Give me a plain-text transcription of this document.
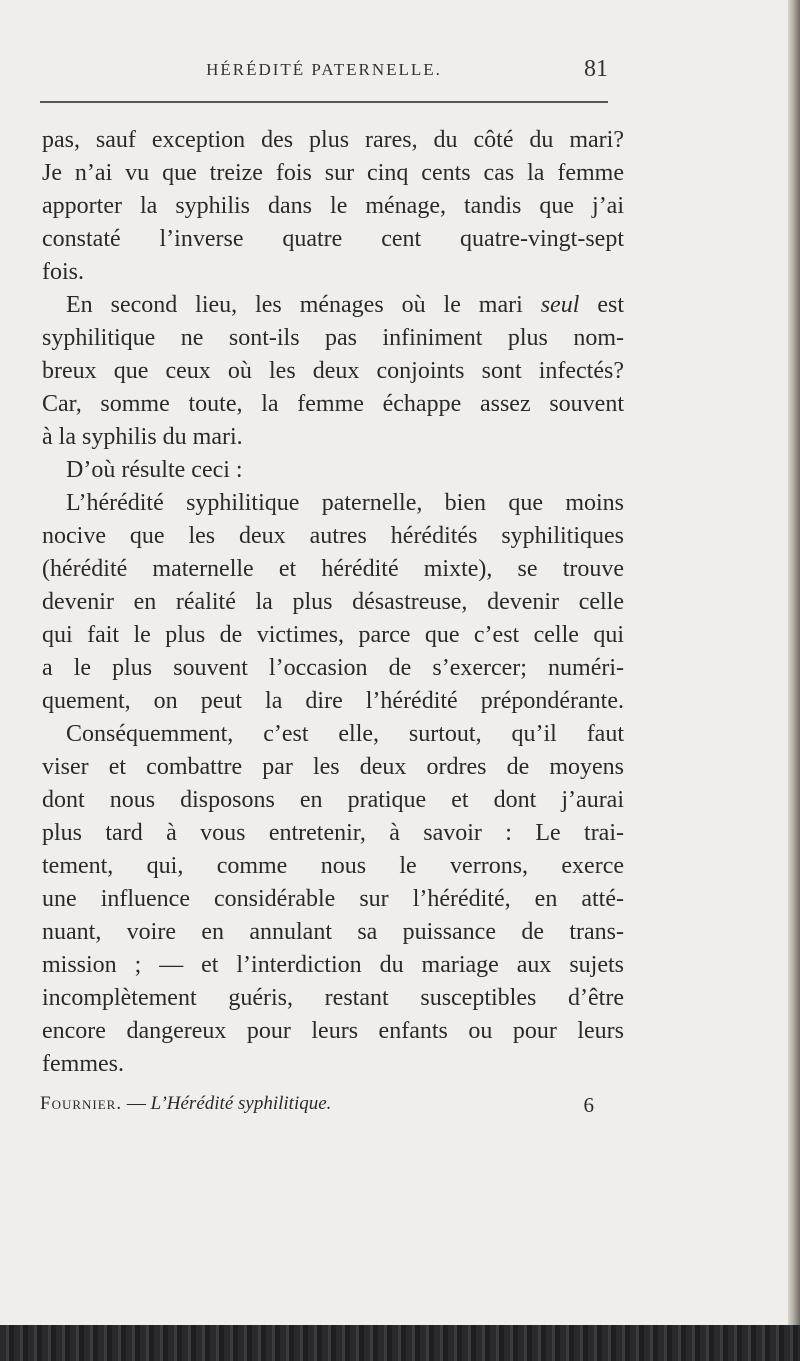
HÉRÉDITÉ PATERNELLE.	81
pas, sauf exception des plus rares, du côté du mari?
Je n’ai vu que treize fois sur cinq cents cas la femme
apporter la syphilis dans le ménage, tandis que j’ai
constaté l’inverse quatre cent quatre-vingt-sept
fois.
En second lieu, les ménages où le mari seul est
syphilitique ne sont-ils pas infiniment plus nom-
breux que ceux où les deux conjoints sont infectés?
Car, somme toute, la femme échappe assez souvent
à la syphilis du mari.
D’où résulte ceci :
L’hérédité syphilitique paternelle, bien que moins
nocive que les deux autres hérédités syphilitiques
(hérédité maternelle et hérédité mixte), se trouve
devenir en réalité la plus désastreuse, devenir celle
qui fait le plus de victimes, parce que c’est celle qui
a le plus souvent l’occasion de s’exercer; numéri-
quement, on peut la dire l’hérédité prépondérante.
Conséquemment, c’est elle, surtout, qu’il faut
viser et combattre par les deux ordres de moyens
dont nous disposons en pratique et dont j’aurai
plus tard à vous entretenir, à savoir : Le trai-
tement, qui, comme nous le verrons, exerce
une influence considérable sur l’hérédité, en atté-
nuant, voire en annulant sa puissance de trans-
mission ; — et l’interdiction du mariage aux sujets
incomplètement guéris, restant susceptibles d’être
encore dangereux pour leurs enfants ou pour leurs
femmes.
Fournier. — L’Hérédité syphilitique.	6
